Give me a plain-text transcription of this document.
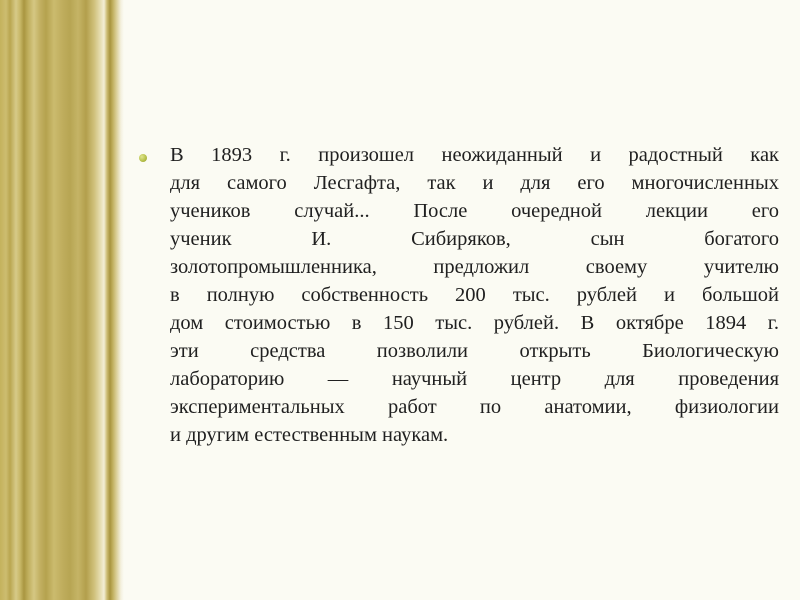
В 1893 г. произошел неожиданный и радостный как
для самого Лесгафта, так и для его многочисленных
учеников случай... После очередной лекции его
ученик И. Сибиряков, сын богатого
золотопромышленника, предложил своему учителю
в полную собственность 200 тыс. рублей и большой
дом стоимостью в 150 тыс. рублей. В октябре 1894 г.
эти средства позволили открыть Биологическую
лабораторию — научный центр для проведения
экспериментальных работ по анатомии, физиологии
и другим естественным наукам.
